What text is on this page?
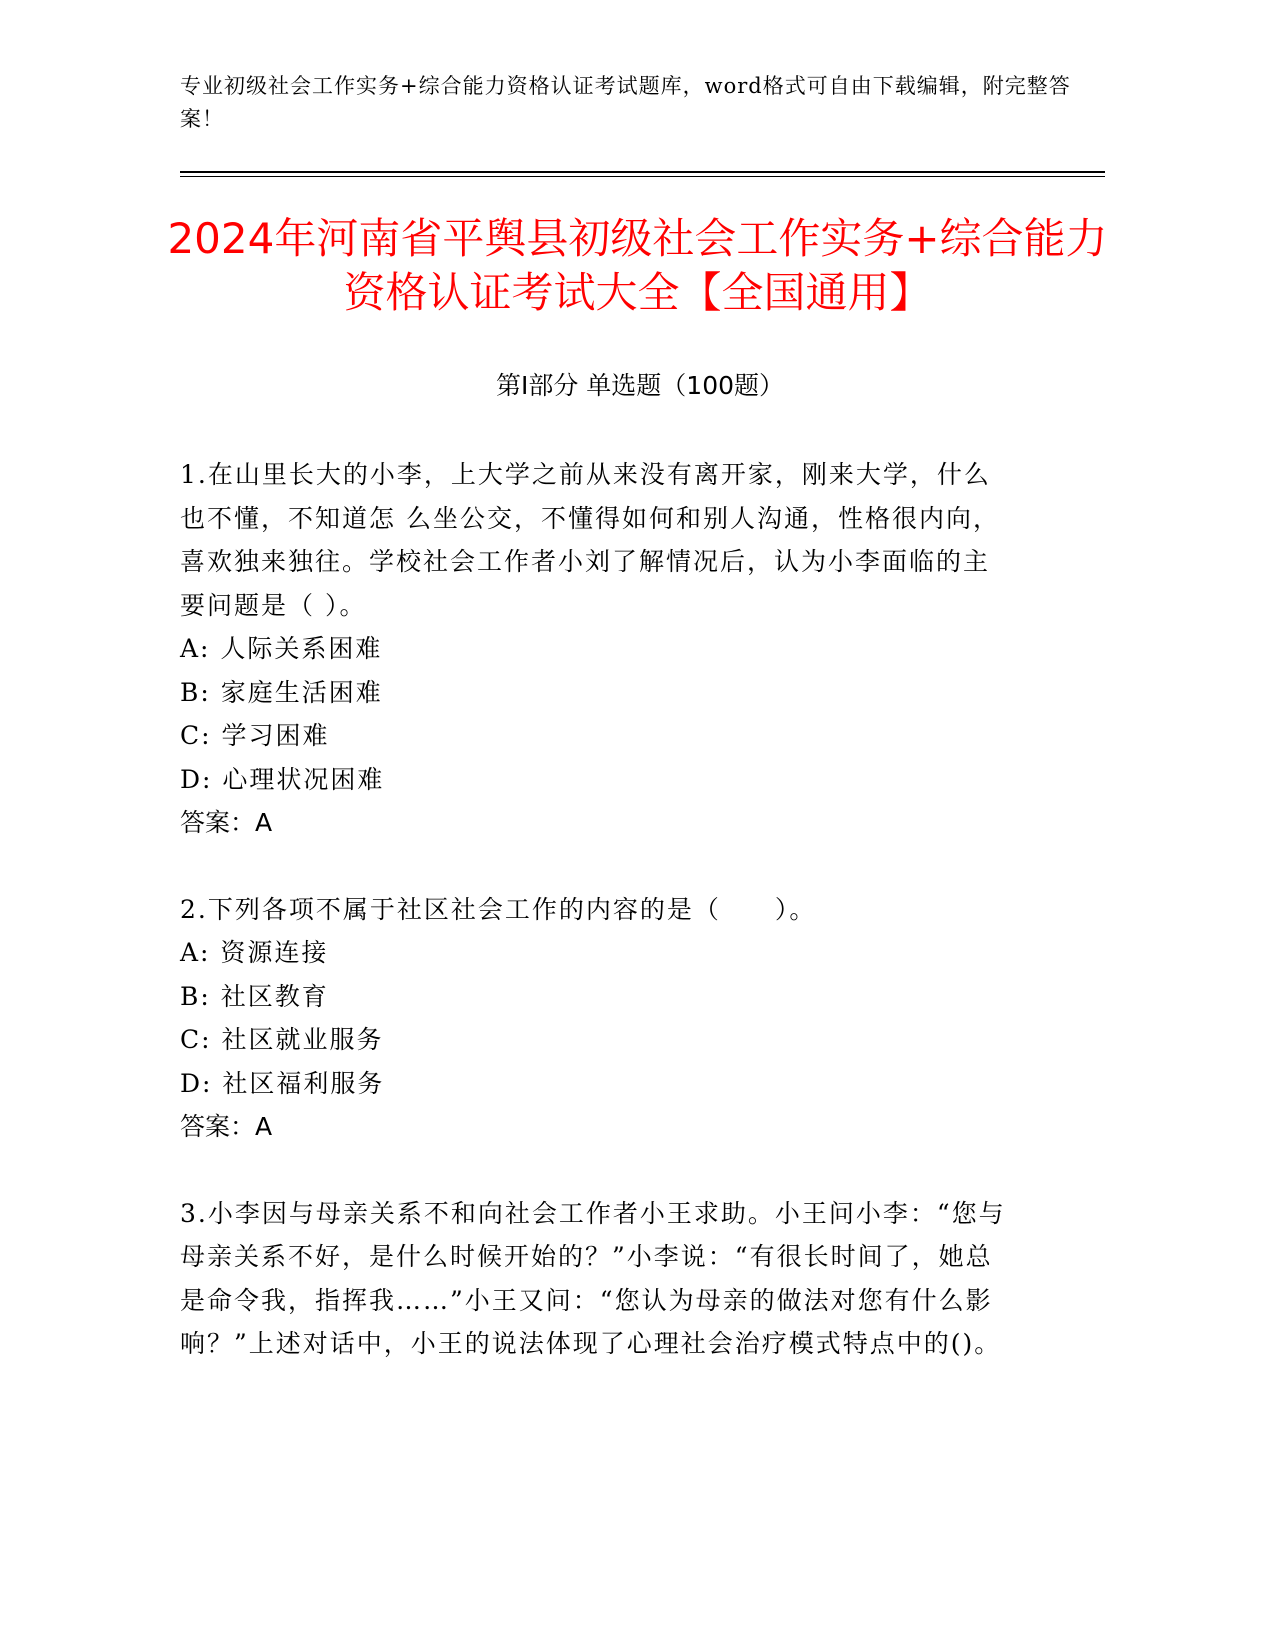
专业初级社会工作实务+综合能力资格认证考试题库，word格式可自由下载编辑，附完整答案！

2024年河南省平舆县初级社会工作实务+综合能力资格认证考试大全【全国通用】
第Ⅰ部分 单选题（100题）

1.在山里长大的小李，上大学之前从来没有离开家，刚来大学，什么也不懂，不知道怎 么坐公交，不懂得如何和别人沟通，性格很内向，喜欢独来独往。学校社会工作者小刘了解情况后，认为小李面临的主要问题是（ ）。

A: 人际关系困难

B: 家庭生活困难

C: 学习困难

D: 心理状况困难

答案：A

2.下列各项不属于社区社会工作的内容的是（　　）。

A: 资源连接

B: 社区教育

C: 社区就业服务

D: 社区福利服务

答案：A

3.小李因与母亲关系不和向社会工作者小王求助。小王问小李：“您与母亲关系不好，是什么时候开始的？”小李说：“有很长时间了，她总是命令我，指挥我……”小王又问：“您认为母亲的做法对您有什么影响？”上述对话中，小王的说法体现了心理社会治疗模式特点中的()。
